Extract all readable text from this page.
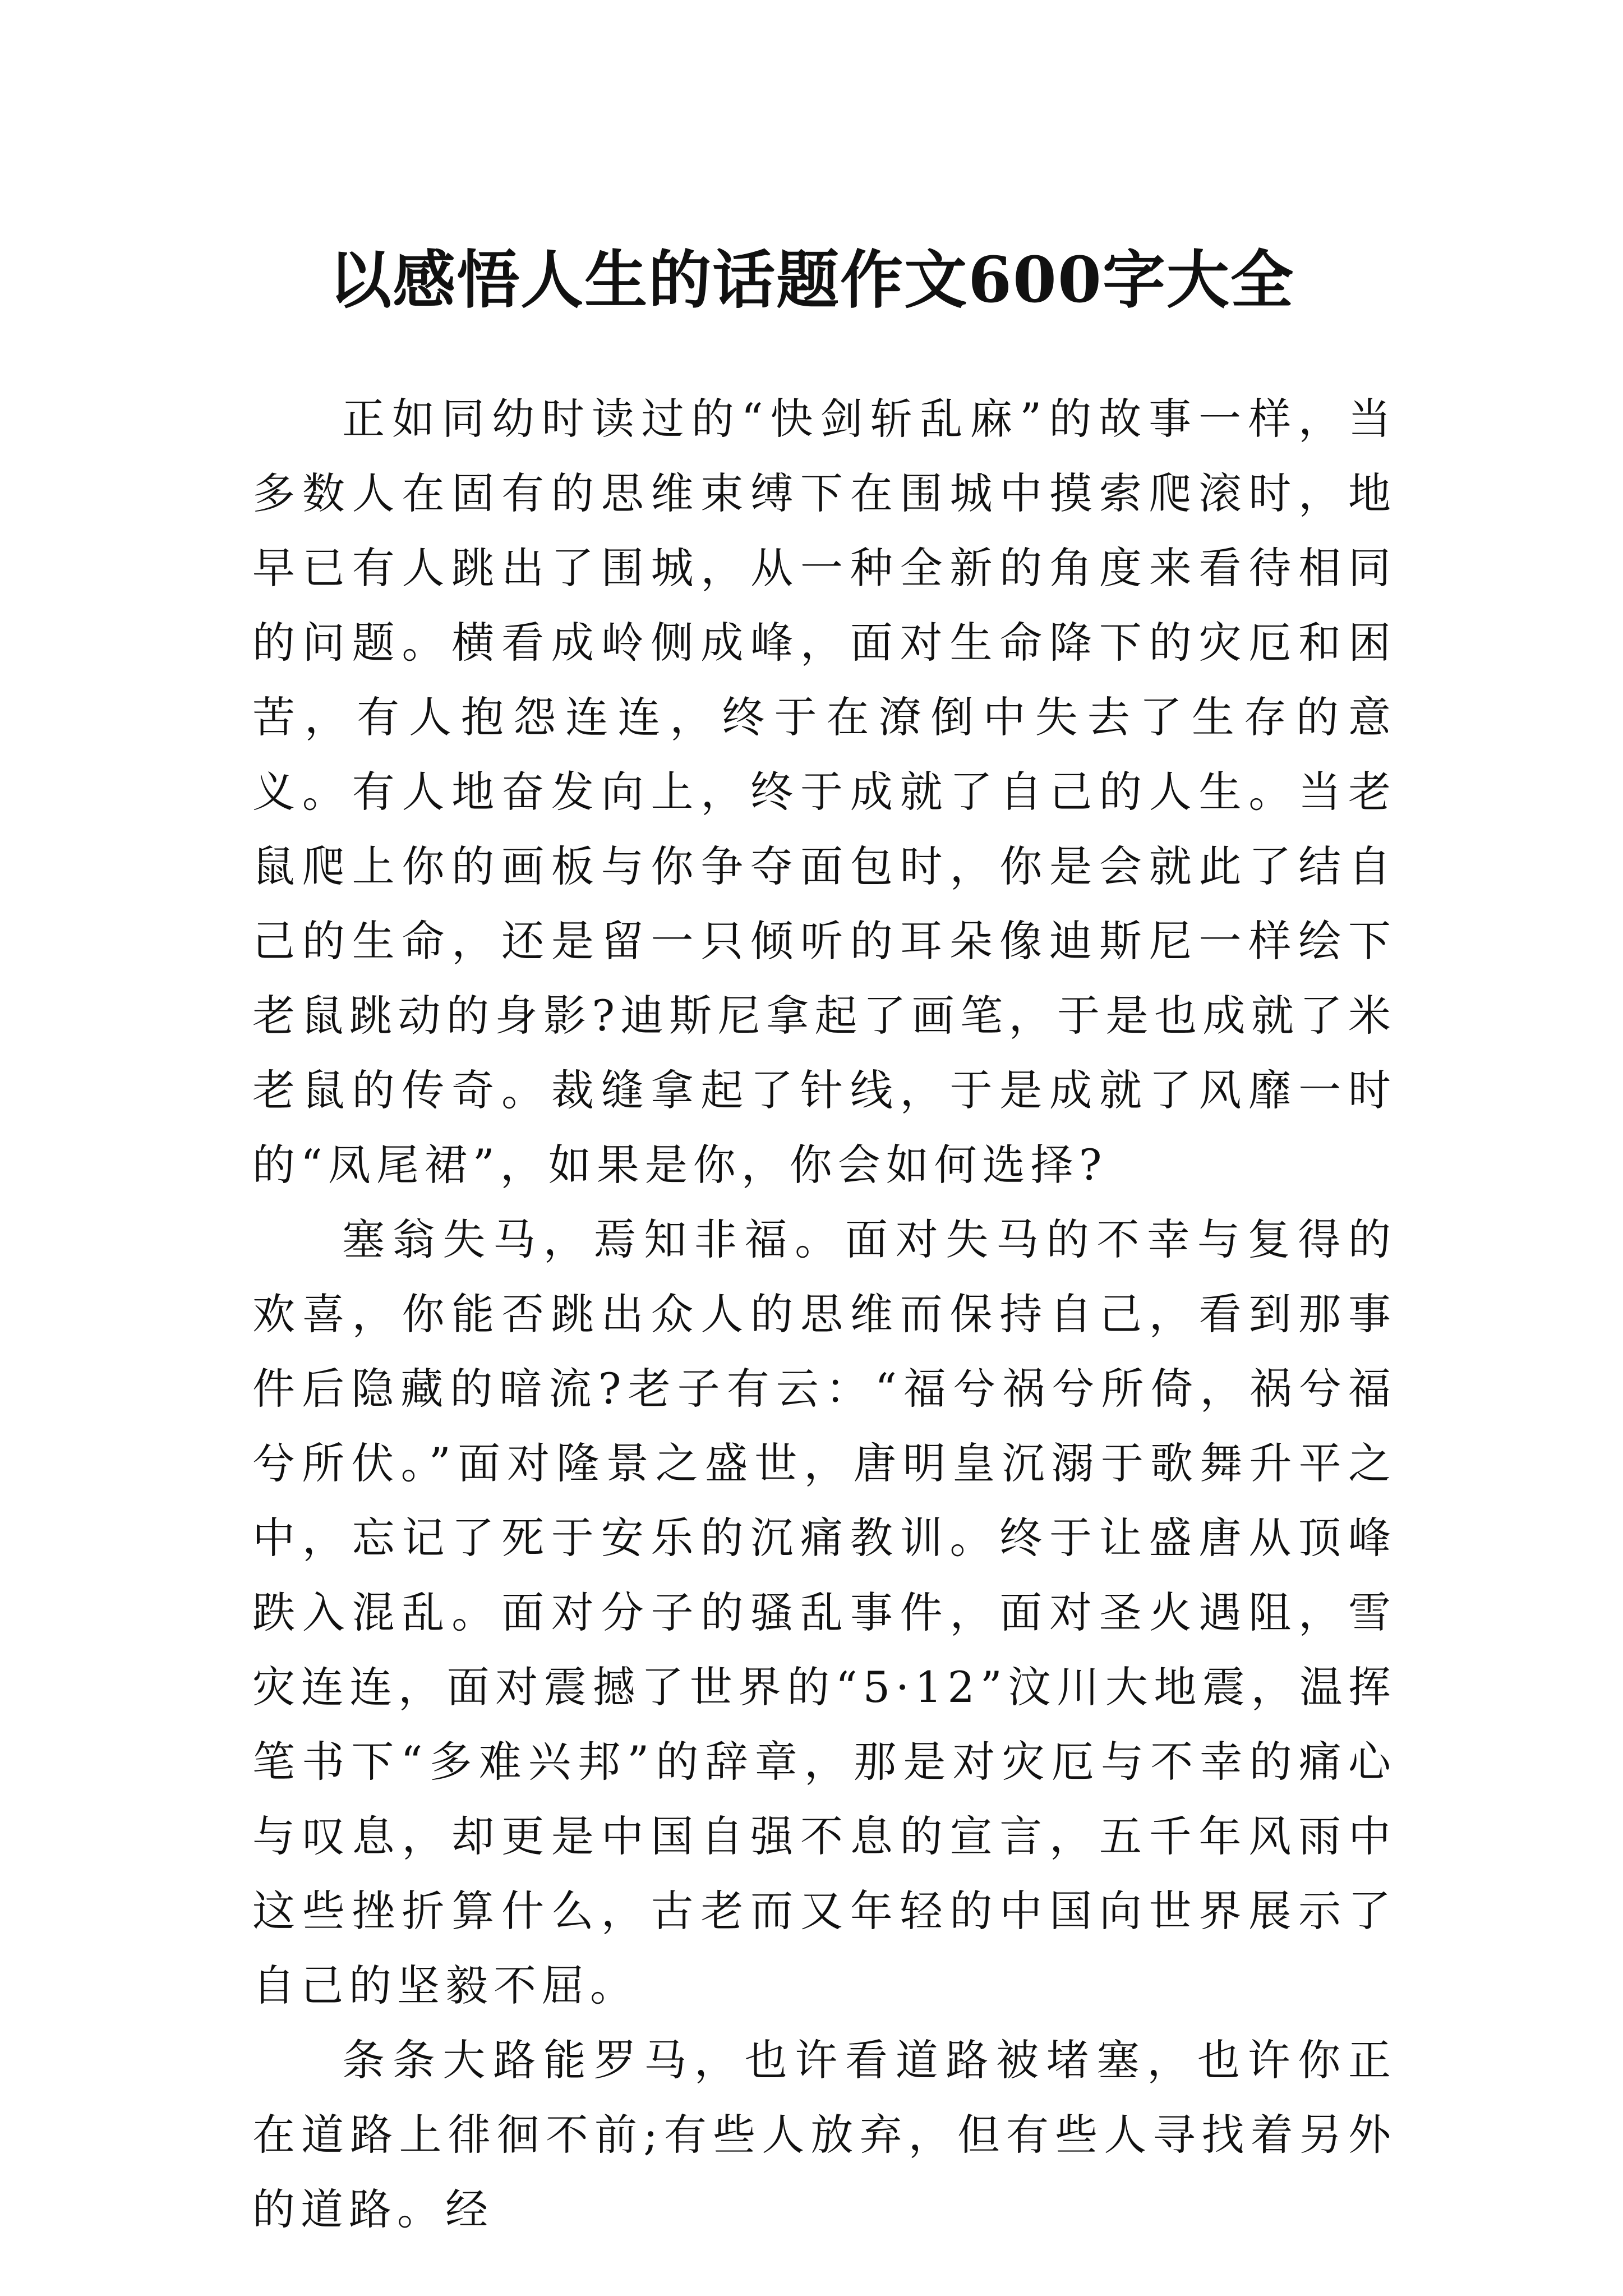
以感悟人生的话题作文600字大全

正如同幼时读过的“快剑斩乱麻”的故事一样，当多数人在固有的思维束缚下在围城中摸索爬滚时，地早已有人跳出了围城，从一种全新的角度来看待相同的问题。横看成岭侧成峰，面对生命降下的灾厄和困苦，有人抱怨连连，终于在潦倒中失去了生存的意义。有人地奋发向上，终于成就了自己的人生。当老鼠爬上你的画板与你争夺面包时，你是会就此了结自己的生命，还是留一只倾听的耳朵像迪斯尼一样绘下老鼠跳动的身影?迪斯尼拿起了画笔，于是也成就了米老鼠的传奇。裁缝拿起了针线，于是成就了风靡一时的“凤尾裙”，如果是你，你会如何选择?

塞翁失马，焉知非福。面对失马的不幸与复得的欢喜，你能否跳出众人的思维而保持自己，看到那事件后隐藏的暗流?老子有云：“福兮祸兮所倚，祸兮福兮所伏。”面对隆景之盛世，唐明皇沉溺于歌舞升平之中，忘记了死于安乐的沉痛教训。终于让盛唐从顶峰跌入混乱。面对分子的骚乱事件，面对圣火遇阻，雪灾连连，面对震撼了世界的“5·12”汶川大地震，温挥笔书下“多难兴邦”的辞章，那是对灾厄与不幸的痛心与叹息，却更是中国自强不息的宣言，五千年风雨中这些挫折算什么，古老而又年轻的中国向世界展示了自己的坚毅不屈。

条条大路能罗马，也许看道路被堵塞，也许你正在道路上徘徊不前;有些人放弃，但有些人寻找着另外的道路。经
